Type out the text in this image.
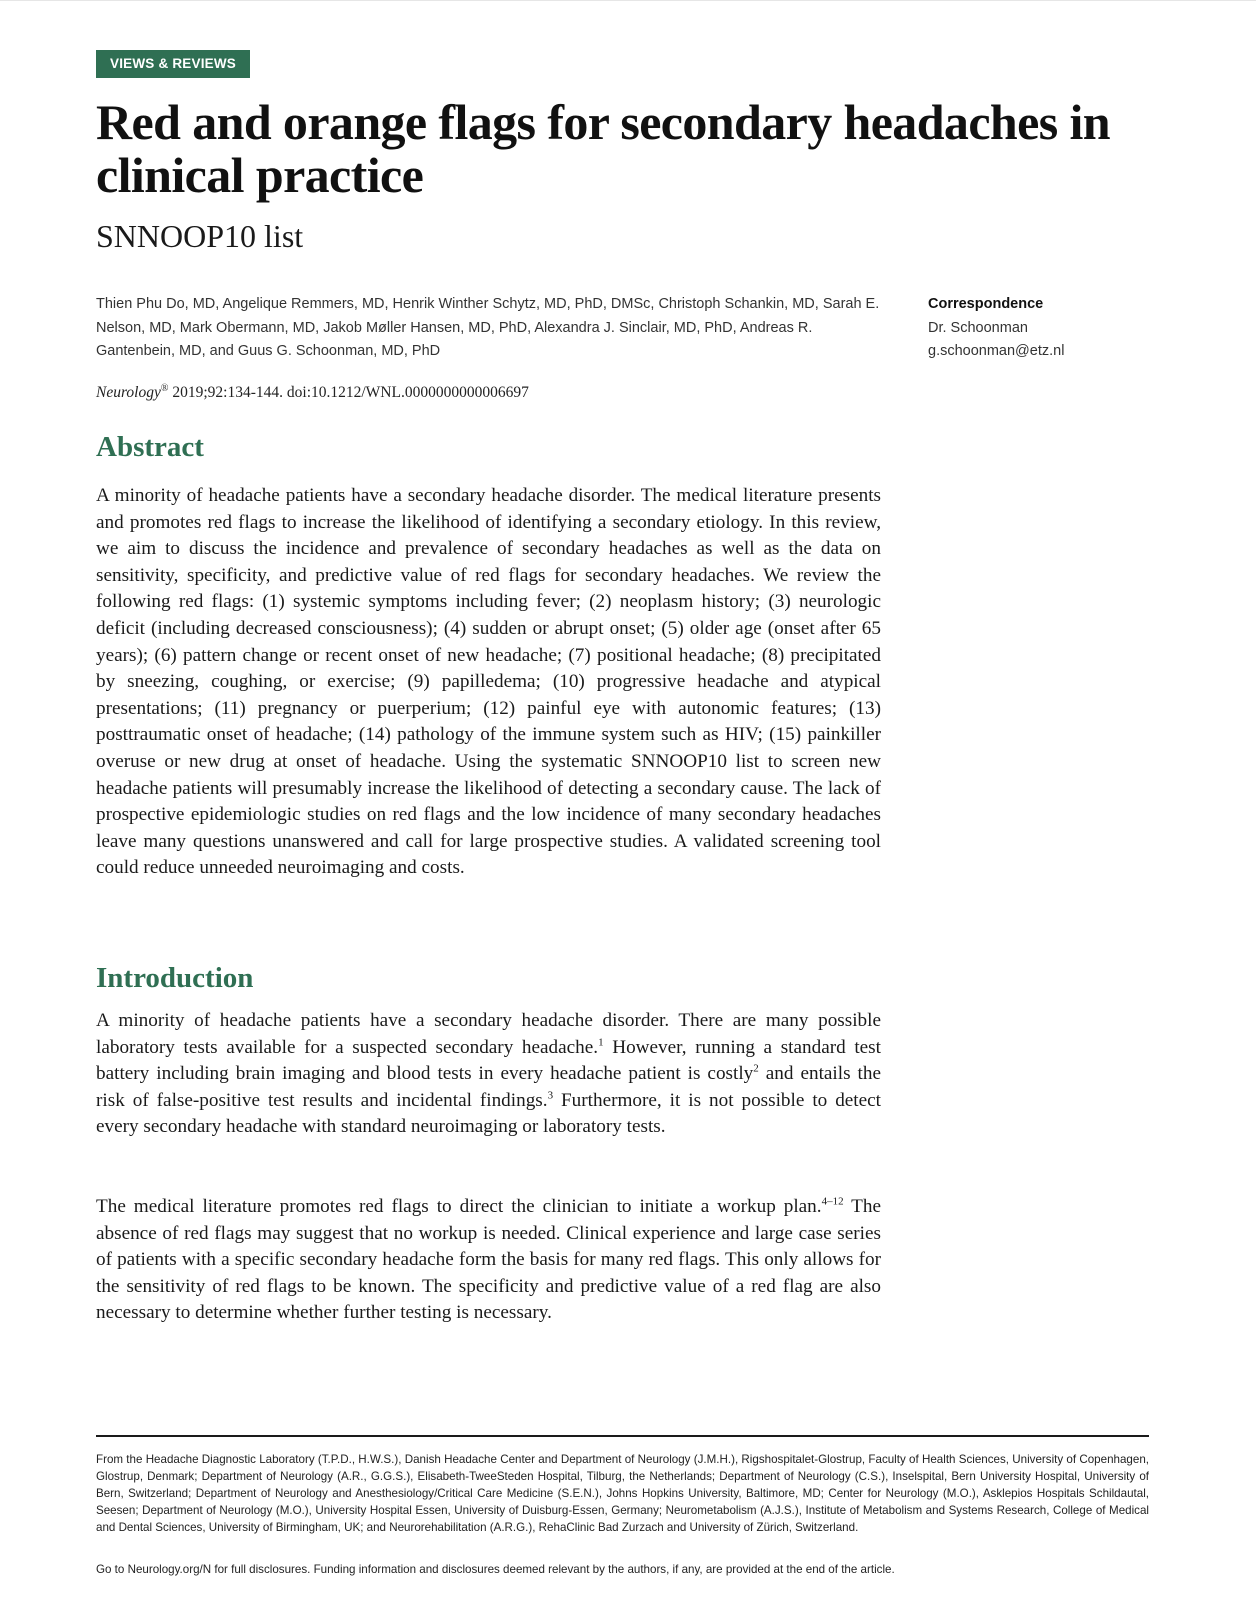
VIEWS & REVIEWS
Red and orange flags for secondary headaches in clinical practice

SNNOOP10 list

Thien Phu Do, MD, Angelique Remmers, MD, Henrik Winther Schytz, MD, PhD, DMSc, Christoph Schankin, MD, Sarah E. Nelson, MD, Mark Obermann, MD, Jakob Møller Hansen, MD, PhD, Alexandra J. Sinclair, MD, PhD, Andreas R. Gantenbein, MD, and Guus G. Schoonman, MD, PhD

Correspondence
Dr. Schoonman
g.schoonman@etz.nl

Neurology® 2019;92:134-144. doi:10.1212/WNL.0000000000006697

Abstract

A minority of headache patients have a secondary headache disorder. The medical literature presents and promotes red flags to increase the likelihood of identifying a secondary etiology. In this review, we aim to discuss the incidence and prevalence of secondary headaches as well as the data on sensitivity, specificity, and predictive value of red flags for secondary headaches. We review the following red flags: (1) systemic symptoms including fever; (2) neoplasm history; (3) neurologic deficit (including decreased consciousness); (4) sudden or abrupt onset; (5) older age (onset after 65 years); (6) pattern change or recent onset of new headache; (7) positional headache; (8) precipitated by sneezing, coughing, or exercise; (9) papilledema; (10) progressive headache and atypical presentations; (11) pregnancy or puerperium; (12) painful eye with autonomic features; (13) posttraumatic onset of headache; (14) pathology of the immune system such as HIV; (15) painkiller overuse or new drug at onset of headache. Using the systematic SNNOOP10 list to screen new headache patients will presumably increase the likelihood of detecting a secondary cause. The lack of prospective epidemiologic studies on red flags and the low incidence of many secondary headaches leave many questions unanswered and call for large prospective studies. A validated screening tool could reduce unneeded neuroimaging and costs.

Introduction

A minority of headache patients have a secondary headache disorder. There are many possible laboratory tests available for a suspected secondary headache.$^1$ However, running a standard test battery including brain imaging and blood tests in every headache patient is costly$^2$ and entails the risk of false-positive test results and incidental findings.$^3$ Furthermore, it is not possible to detect every secondary headache with standard neuroimaging or laboratory tests.

The medical literature promotes red flags to direct the clinician to initiate a workup plan.$^{4-12}$ The absence of red flags may suggest that no workup is needed. Clinical experience and large case series of patients with a specific secondary headache form the basis for many red flags. This only allows for the sensitivity of red flags to be known. The specificity and predictive value of a red flag are also necessary to determine whether further testing is necessary.

From the Headache Diagnostic Laboratory (T.P.D., H.W.S.), Danish Headache Center and Department of Neurology (J.M.H.), Rigshospitalet-Glostrup, Faculty of Health Sciences, University of Copenhagen, Glostrup, Denmark; Department of Neurology (A.R., G.G.S.), Elisabeth-TweeSteden Hospital, Tilburg, the Netherlands; Department of Neurology (C.S.), Inselspital, Bern University Hospital, University of Bern, Switzerland; Department of Neurology and Anesthesiology/Critical Care Medicine (S.E.N.), Johns Hopkins University, Baltimore, MD; Center for Neurology (M.O.), Asklepios Hospitals Schildautal, Seesen; Department of Neurology (M.O.), University Hospital Essen, University of Duisburg-Essen, Germany; Neurometabolism (A.J.S.), Institute of Metabolism and Systems Research, College of Medical and Dental Sciences, University of Birmingham, UK; and Neurorehabilitation (A.R.G.), RehaClinic Bad Zurzach and University of Zürich, Switzerland.

Go to Neurology.org/N for full disclosures. Funding information and disclosures deemed relevant by the authors, if any, are provided at the end of the article.
